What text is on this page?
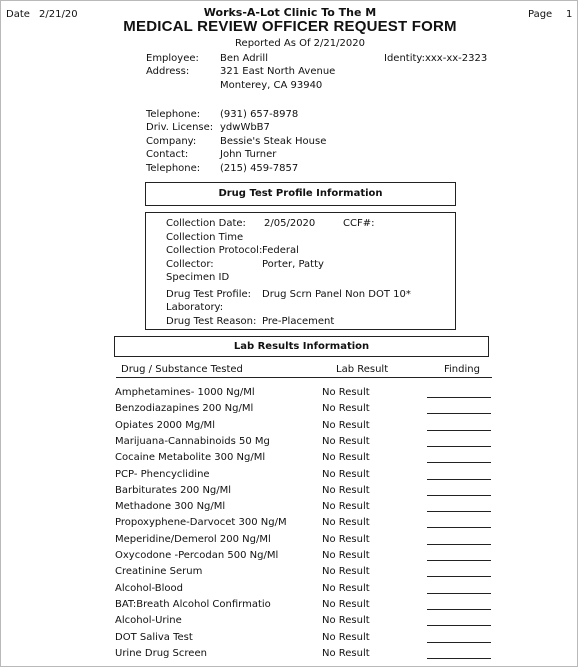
Date 2/21/20	Page 1
Works-A-Lot Clinic To The M
MEDICAL REVIEW OFFICER REQUEST FORM
Reported As Of 2/21/2020
Employee: Ben Adrill	Identity:xxx-xx-2323
Address:	321 East North Avenue
Monterey, CA 93940
Telephone: (931) 657-8978
Driv. License: ydwWbB7
Company: Bessie's Steak House
Contact:	John Turner
Telephone: (215) 459-7857
Drug Test Profile Information
Collection Date: 2/05/2020	CCF#:
Collection Time
Collection Protocol: Federal
Collector:	Porter, Patty
Specimen ID
Drug Test Profile: Drug Scrn Panel Non DOT 10*
Laboratory:
Drug Test Reason: Pre-Placement
Lab Results Information
Drug / Substance Tested	Lab Result	Finding
Amphetamines- 1000 Ng/Ml	No Result
Benzodiazapines 200 Ng/Ml	No Result
Opiates 2000 Mg/Ml	No Result
Marijuana-Cannabinoids 50 Mg	No Result
Cocaine Metabolite 300 Ng/Ml	No Result
PCP- Phencyclidine	No Result
Barbiturates 200 Ng/Ml	No Result
Methadone 300 Ng/Ml	No Result
Propoxyphene-Darvocet 300 Ng/M	No Result
Meperidine/Demerol 200 Ng/Ml	No Result
Oxycodone -Percodan 500 Ng/Ml	No Result
Creatinine Serum	No Result
Alcohol-Blood	No Result
BAT:Breath Alcohol Confirmatio	No Result
Alcohol-Urine	No Result
DOT Saliva Test	No Result
Urine Drug Screen	No Result
